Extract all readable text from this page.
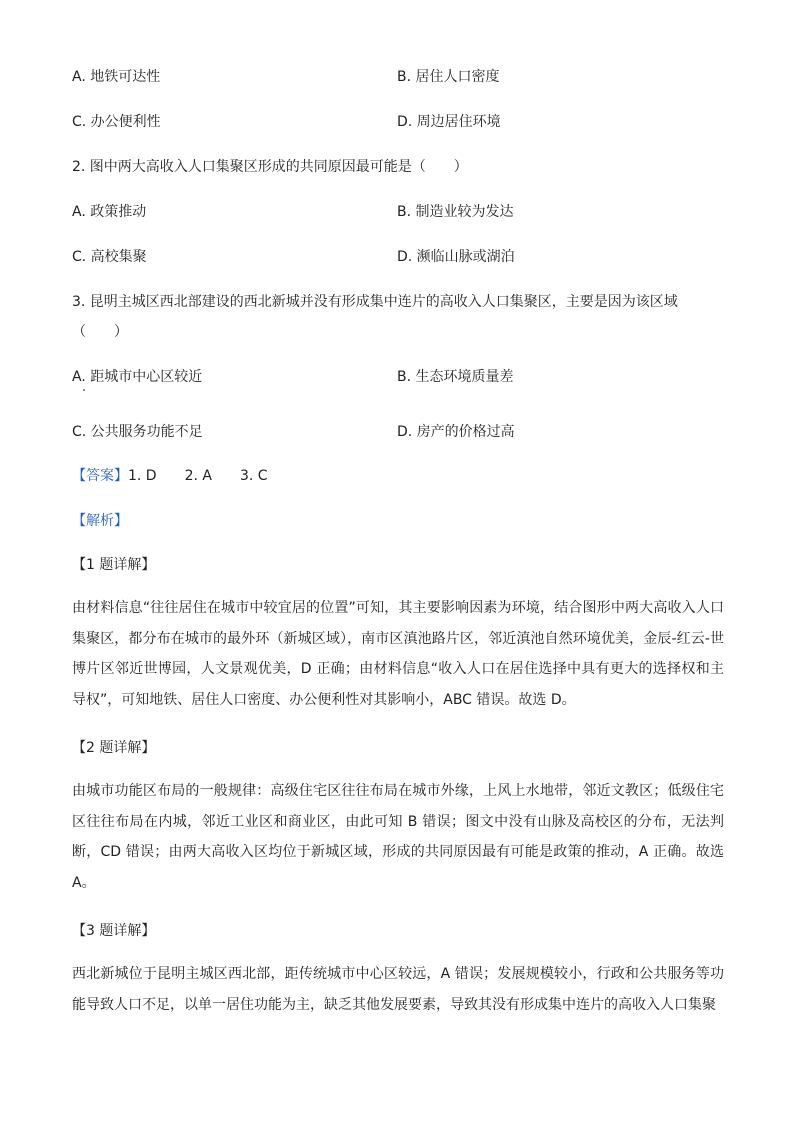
A. 地铁可达性	B. 居住人口密度
C. 办公便利性	D. 周边居住环境
2. 图中两大高收入人口集聚区形成的共同原因最可能是（　　）
A. 政策推动	B. 制造业较为发达
C. 高校集聚	D. 濒临山脉或湖泊
3. 昆明主城区西北部建设的西北新城并没有形成集中连片的高收入人口集聚区，主要是因为该区域
（　　）
A. 距城市中心区较近	B. 生态环境质量差
C. 公共服务功能不足	D. 房产的价格过高
【答案】1. D　　2. A　　3. C
【解析】
【1 题详解】
由材料信息“往往居住在城市中较宜居的位置”可知，其主要影响因素为环境，结合图形中两大高收入人口集聚区，都分布在城市的最外环（新城区域），南市区滇池路片区，邻近滇池自然环境优美，金辰-红云-世博片区邻近世博园，人文景观优美，D 正确；由材料信息“收入人口在居住选择中具有更大的选择权和主导权”，可知地铁、居住人口密度、办公便利性对其影响小，ABC 错误。故选 D。
【2 题详解】
由城市功能区布局的一般规律：高级住宅区往往布局在城市外缘，上风上水地带，邻近文教区；低级住宅区往往布局在内城，邻近工业区和商业区，由此可知 B 错误；图文中没有山脉及高校区的分布，无法判断，CD 错误；由两大高收入区均位于新城区域，形成的共同原因最有可能是政策的推动，A 正确。故选 A。
【3 题详解】
西北新城位于昆明主城区西北部，距传统城市中心区较远，A 错误；发展规模较小，行政和公共服务等功能导致人口不足，以单一居住功能为主，缺乏其他发展要素，导致其没有形成集中连片的高收入人口集聚
